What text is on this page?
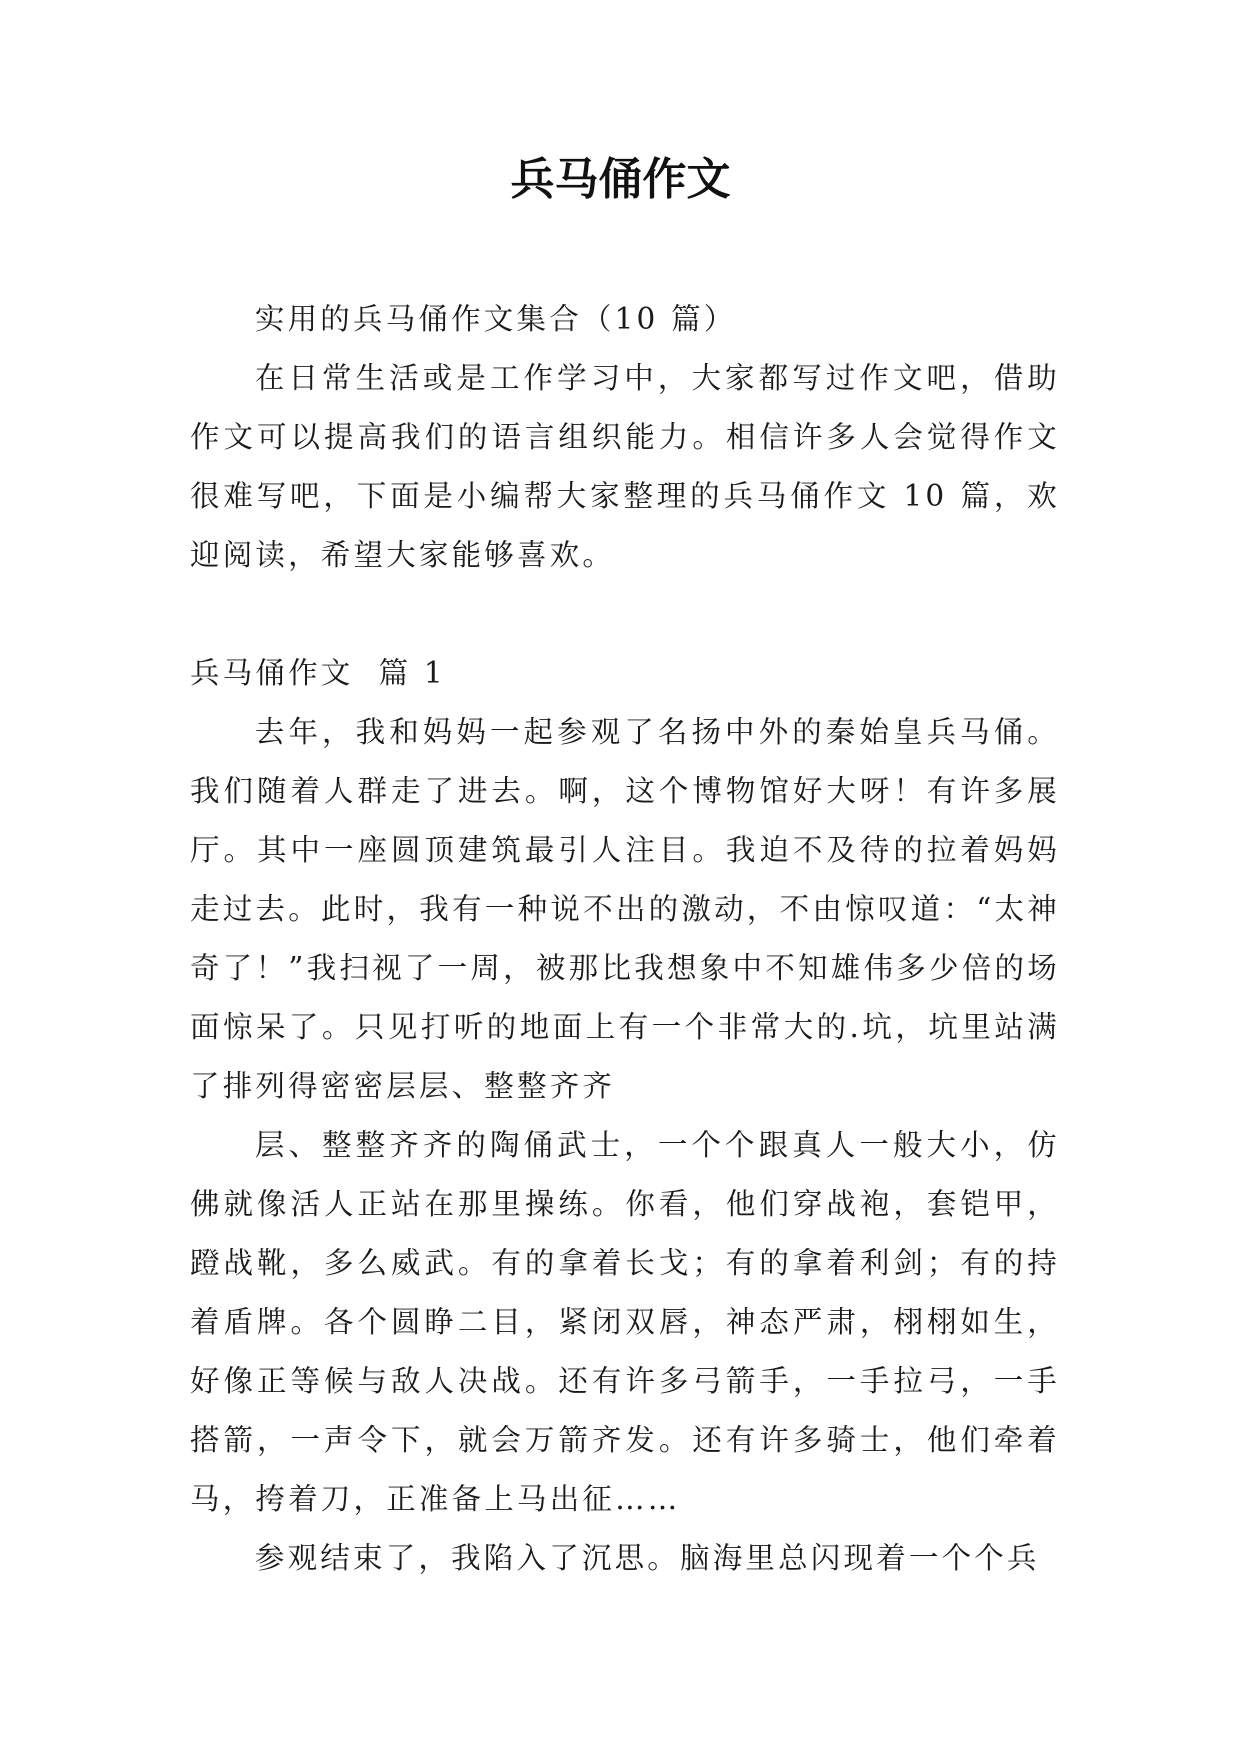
兵马俑作文

实用的兵马俑作文集合（10 篇）

在日常生活或是工作学习中，大家都写过作文吧，借助作文可以提高我们的语言组织能力。相信许多人会觉得作文很难写吧，下面是小编帮大家整理的兵马俑作文 10 篇，欢迎阅读，希望大家能够喜欢。

兵马俑作文  篇 1

去年，我和妈妈一起参观了名扬中外的秦始皇兵马俑。我们随着人群走了进去。啊，这个博物馆好大呀！有许多展厅。其中一座圆顶建筑最引人注目。我迫不及待的拉着妈妈走过去。此时，我有一种说不出的激动，不由惊叹道：“太神奇了！”我扫视了一周，被那比我想象中不知雄伟多少倍的场面惊呆了。只见打听的地面上有一个非常大的.坑，坑里站满了排列得密密层层、整整齐齐

层、整整齐齐的陶俑武士，一个个跟真人一般大小，仿佛就像活人正站在那里操练。你看，他们穿战袍，套铠甲，蹬战靴，多么威武。有的拿着长戈；有的拿着利剑；有的持着盾牌。各个圆睁二目，紧闭双唇，神态严肃，栩栩如生，好像正等候与敌人决战。还有许多弓箭手，一手拉弓，一手搭箭，一声令下，就会万箭齐发。还有许多骑士，他们牵着马，挎着刀，正准备上马出征……

参观结束了，我陷入了沉思。脑海里总闪现着一个个兵
